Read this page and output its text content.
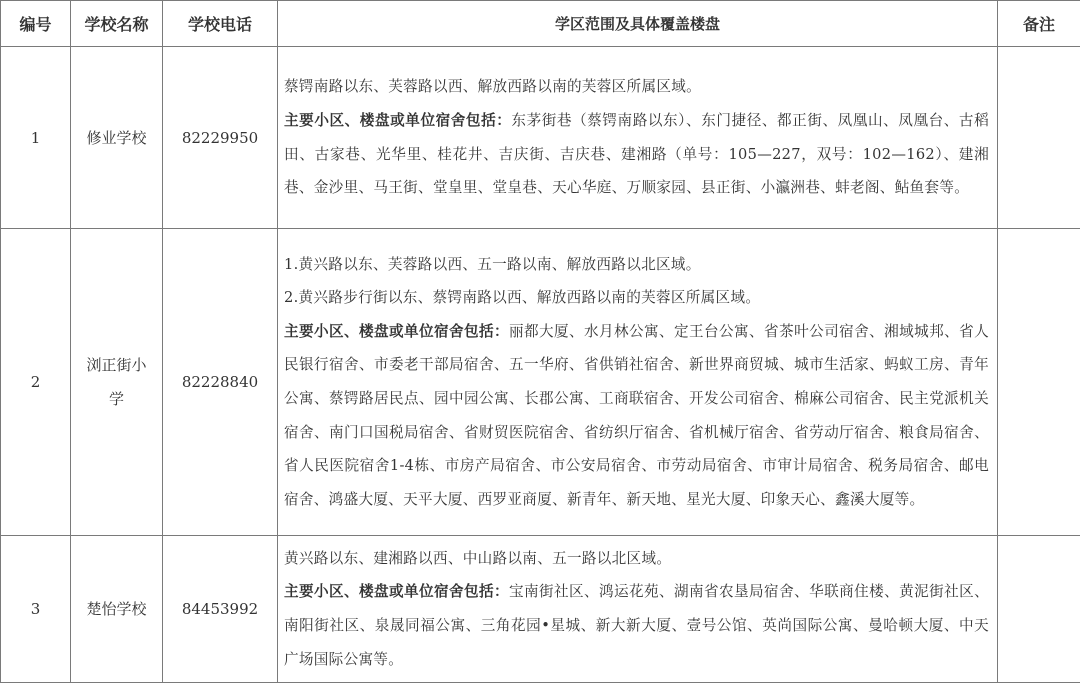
编号	学校名称	学校电话	学区范围及具体覆盖楼盘	备注
1	修业学校	82229950	蔡锷南路以东、芙蓉路以西、解放西路以南的芙蓉区所属区域。
主要小区、楼盘或单位宿舍包括：东茅街巷（蔡锷南路以东）、东门捷径、都正街、凤凰山、凤凰台、古稻田、古家巷、光华里、桂花井、吉庆街、吉庆巷、建湘路（单号：105—227，双号：102—162）、建湘巷、金沙里、马王街、堂皇里、堂皇巷、天心华庭、万顺家园、县正街、小瀛洲巷、蚌老阁、鲇鱼套等。	

2	浏正街小学	82228840	1.黄兴路以东、芙蓉路以西、五一路以南、解放西路以北区域。
2.黄兴路步行街以东、蔡锷南路以西、解放西路以南的芙蓉区所属区域。
主要小区、楼盘或单位宿舍包括：丽都大厦、水月林公寓、定王台公寓、省茶叶公司宿舍、湘域城邦、省人民银行宿舍、市委老干部局宿舍、五一华府、省供销社宿舍、新世界商贸城、城市生活家、蚂蚁工房、青年公寓、蔡锷路居民点、园中园公寓、长郡公寓、工商联宿舍、开发公司宿舍、棉麻公司宿舍、民主党派机关宿舍、南门口国税局宿舍、省财贸医院宿舍、省纺织厅宿舍、省机械厅宿舍、省劳动厅宿舍、粮食局宿舍、省人民医院宿舍1-4栋、市房产局宿舍、市公安局宿舍、市劳动局宿舍、市审计局宿舍、税务局宿舍、邮电宿舍、鸿盛大厦、天平大厦、西罗亚商厦、新青年、新天地、星光大厦、印象天心、鑫溪大厦等。	

3	楚怡学校	84453992	黄兴路以东、建湘路以西、中山路以南、五一路以北区域。
主要小区、楼盘或单位宿舍包括：宝南街社区、鸿运花苑、湖南省农垦局宿舍、华联商住楼、黄泥街社区、南阳街社区、泉晟同福公寓、三角花园•星城、新大新大厦、壹号公馆、英尚国际公寓、曼哈顿大厦、中天广场国际公寓等。	
